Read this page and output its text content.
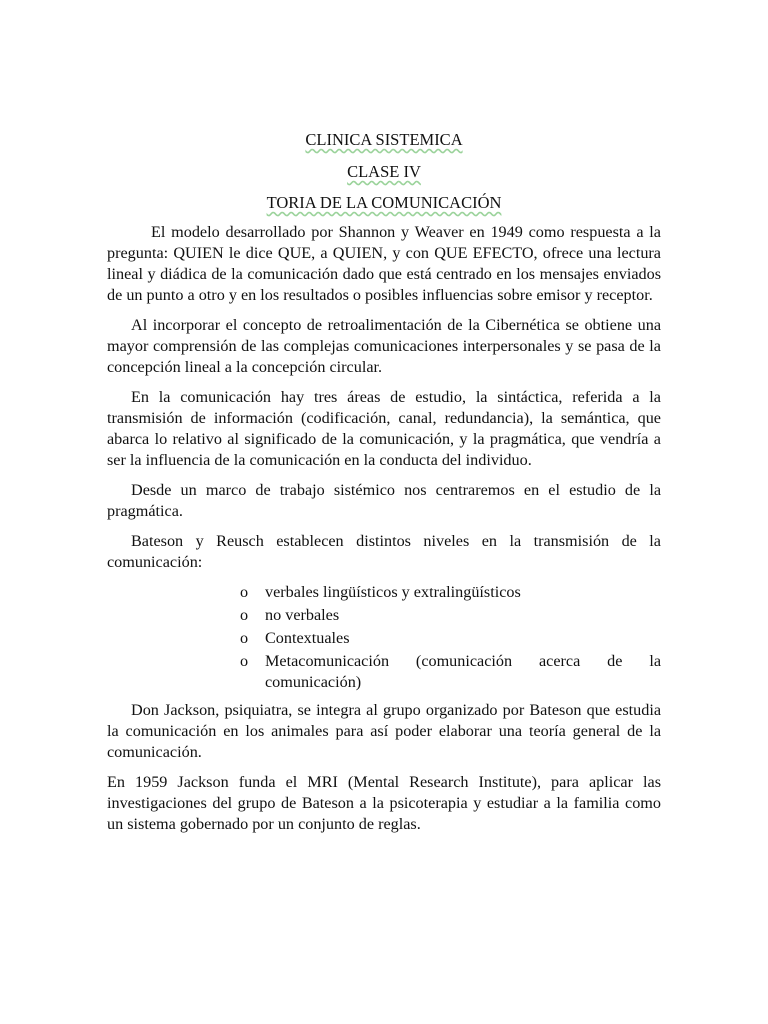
CLINICA SISTEMICA
CLASE IV
TORIA DE LA COMUNICACIÓN

El modelo desarrollado por Shannon y Weaver en 1949 como respuesta a la pregunta: QUIEN le dice QUE, a QUIEN, y con QUE EFECTO, ofrece una lectura lineal y diádica de la comunicación dado que está centrado en los mensajes enviados de un punto a otro y en los resultados o posibles influencias sobre emisor y receptor.

Al incorporar el concepto de retroalimentación de la Cibernética se obtiene una mayor comprensión de las complejas comunicaciones interpersonales y se pasa de la concepción lineal a la concepción circular.

En la comunicación hay tres áreas de estudio, la sintáctica, referida a la transmisión de información (codificación, canal, redundancia), la semántica, que abarca lo relativo al significado de la comunicación, y la pragmática, que vendría a ser la influencia de la comunicación en la conducta del individuo.

Desde un marco de trabajo sistémico nos centraremos en el estudio de la pragmática.

Bateson y Reusch establecen distintos niveles en la transmisión de la comunicación:

o verbales lingüísticos y extralingüísticos
o no verbales
o Contextuales
o Metacomunicación (comunicación acerca de la comunicación)

Don Jackson, psiquiatra, se integra al grupo organizado por Bateson que estudia la comunicación en los animales para así poder elaborar una teoría general de la comunicación.

En 1959 Jackson funda el MRI (Mental Research Institute), para aplicar las investigaciones del grupo de Bateson a la psicoterapia y estudiar a la familia como un sistema gobernado por un conjunto de reglas.
